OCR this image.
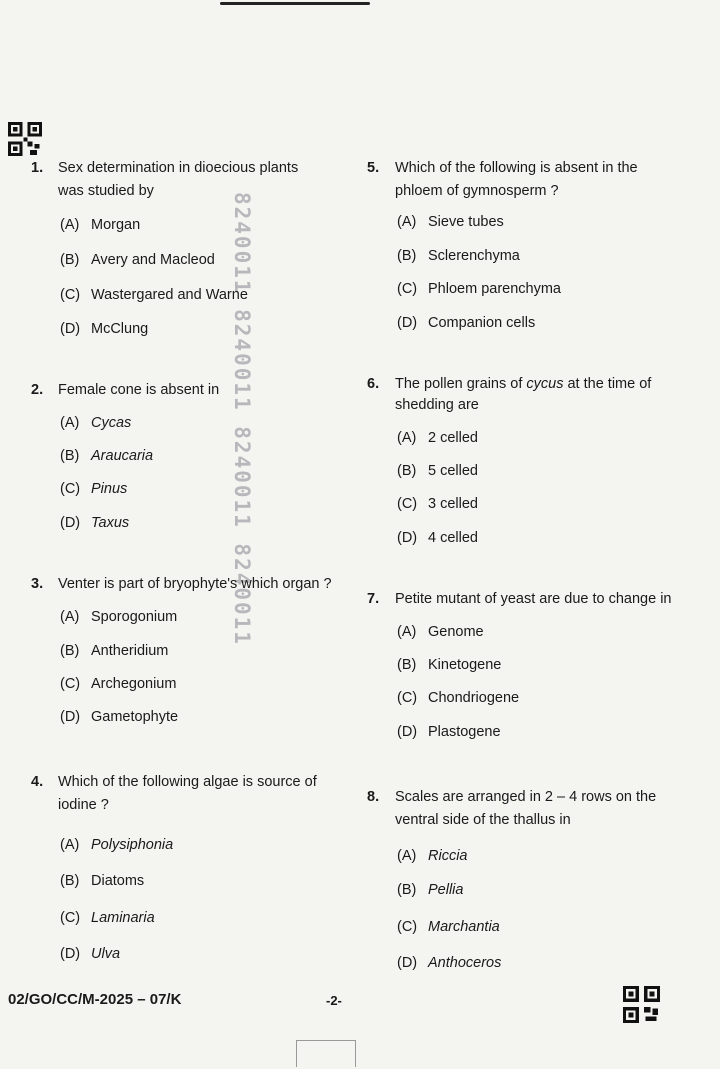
8240011 8240011 8240011 8240011
1. Sex determination in dioecious plants
was studied by
(A) Morgan
(B) Avery and Macleod
(C) Wastergared and Warne
(D) McClung
2. Female cone is absent in
(A) Cycas
(B) Araucaria
(C) Pinus
(D) Taxus
3. Venter is part of bryophyte's which organ ?
(A) Sporogonium
(B) Antheridium
(C) Archegonium
(D) Gametophyte
4. Which of the following algae is source of
iodine ?
(A) Polysiphonia
(B) Diatoms
(C) Laminaria
(D) Ulva
5. Which of the following is absent in the
phloem of gymnosperm ?
(A) Sieve tubes
(B) Sclerenchyma
(C) Phloem parenchyma
(D) Companion cells
6. The pollen grains of cycus at the time of
shedding are
(A) 2 celled
(B) 5 celled
(C) 3 celled
(D) 4 celled
7. Petite mutant of yeast are due to change in
(A) Genome
(B) Kinetogene
(C) Chondriogene
(D) Plastogene
8. Scales are arranged in 2 – 4 rows on the
ventral side of the thallus in
(A) Riccia
(B) Pellia
(C) Marchantia
(D) Anthoceros
02/GO/CC/M-2025 – 07/K	-2-
